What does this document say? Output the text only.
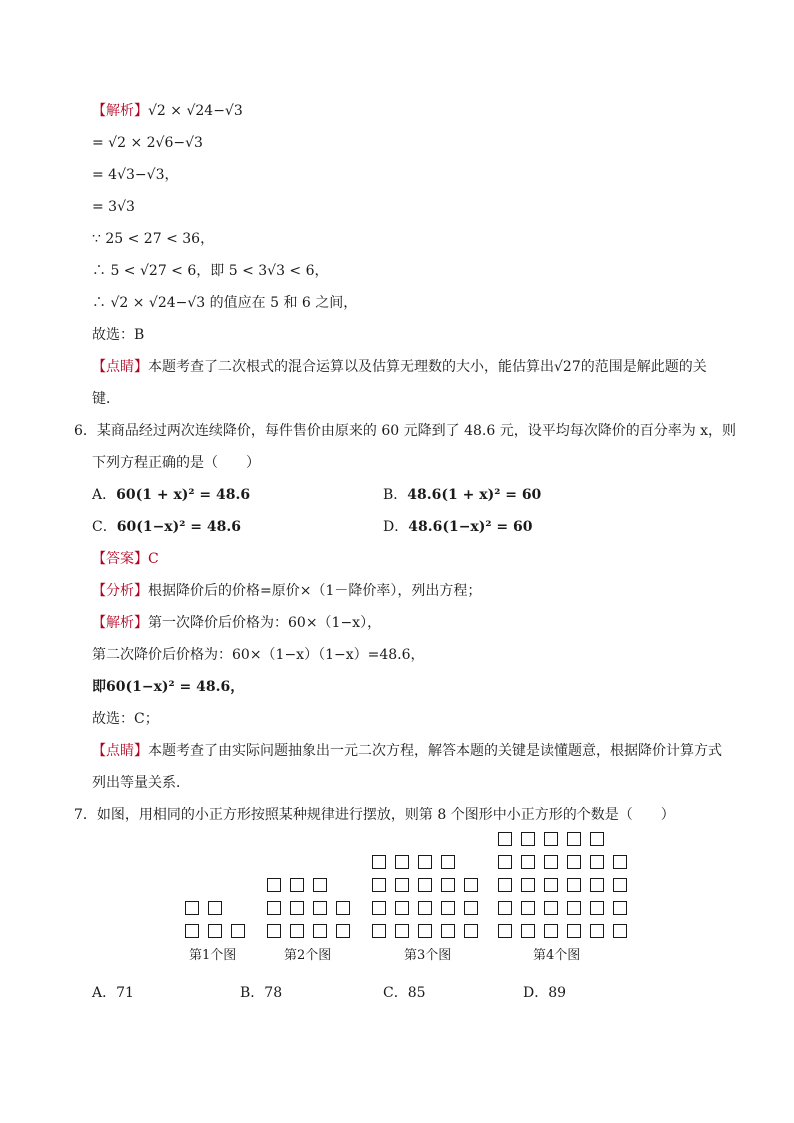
【解析】√2 × √24−√3
= √2 × 2√6−√3
= 4√3−√3，
= 3√3
∵ 25 < 27 < 36，
∴ 5 < √27 < 6，即 5 < 3√3 < 6，
∴ √2 × √24−√3 的值应在 5 和 6 之间，
故选：B
【点睛】本题考查了二次根式的混合运算以及估算无理数的大小，能估算出√27的范围是解此题的关
键．
6．某商品经过两次连续降价，每件售价由原来的 60 元降到了 48.6 元，设平均每次降价的百分率为 x，则
下列方程正确的是（　　）
A．60(1 + x)² = 48.6	B．48.6(1 + x)² = 60
C．60(1−x)² = 48.6	D．48.6(1−x)² = 60
【答案】C
【分析】根据降价后的价格=原价×（1－降价率），列出方程；
【解析】第一次降价后价格为：60×（1−x），
第二次降价后价格为：60×（1−x）（1−x）=48.6，
即60(1−x)² = 48.6，
故选：C；
【点睛】本题考查了由实际问题抽象出一元二次方程，解答本题的关键是读懂题意，根据降价计算方式
列出等量关系．
7．如图，用相同的小正方形按照某种规律进行摆放，则第 8 个图形中小正方形的个数是（　　）
第1个图	第2个图	第3个图	第4个图
A．71	B．78	C．85	D．89
